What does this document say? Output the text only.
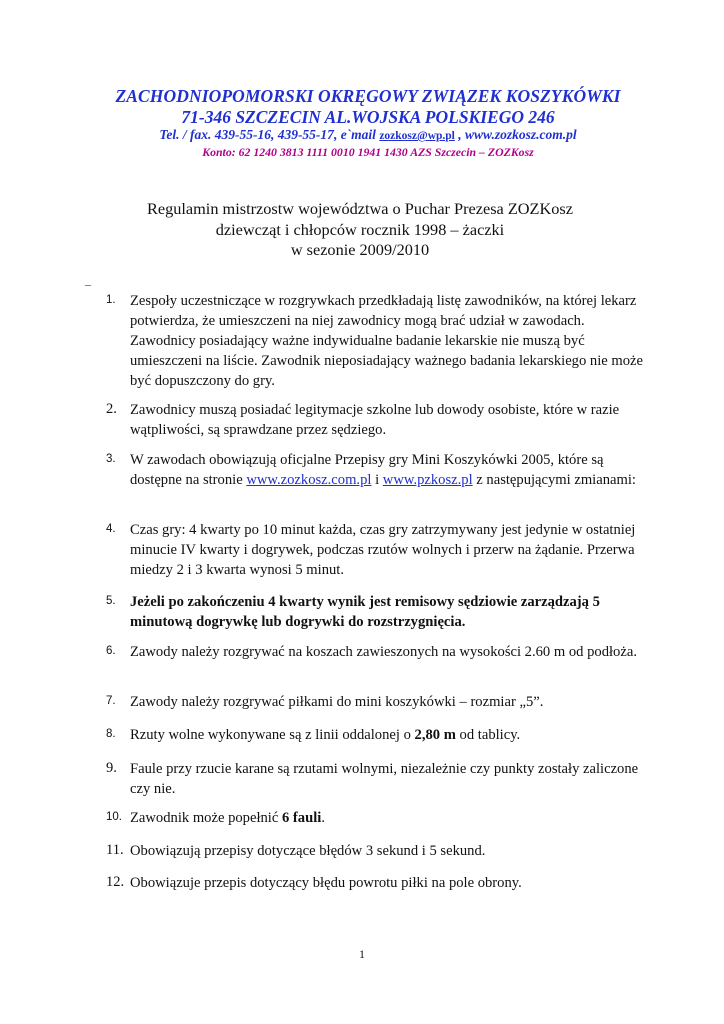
ZACHODNIOPOMORSKI OKRĘGOWY ZWIĄZEK KOSZYKÓWKI
71-346 SZCZECIN AL.WOJSKA POLSKIEGO 246
Tel. / fax. 439-55-16, 439-55-17, e`mail zozkosz@wp.pl , www.zozkosz.com.pl
Konto: 62 1240 3813 1111 0010 1941 1430 AZS Szczecin – ZOZKosz
Regulamin mistrzostw województwa o Puchar Prezesa ZOZKosz
dziewcząt i chłopców rocznik 1998 – żaczki
w sezonie 2009/2010
–
1. Zespoły uczestniczące w rozgrywkach przedkładają listę zawodników, na której lekarz potwierdza, że umieszczeni na niej zawodnicy mogą brać udział w zawodach. Zawodnicy posiadający ważne indywidualne badanie lekarskie nie muszą być umieszczeni na liście. Zawodnik nieposiadający ważnego badania lekarskiego nie może być dopuszczony do gry.
2. Zawodnicy muszą posiadać legitymacje szkolne lub dowody osobiste, które w razie wątpliwości, są sprawdzane przez sędziego.
3. W zawodach obowiązują oficjalne Przepisy gry Mini Koszykówki 2005, które są dostępne na stronie www.zozkosz.com.pl i www.pzkosz.pl z następującymi zmianami:
4. Czas gry: 4 kwarty po 10 minut każda, czas gry zatrzymywany jest jedynie w ostatniej minucie IV kwarty i dogrywek, podczas rzutów wolnych i przerw na żądanie. Przerwa miedzy 2 i 3 kwarta wynosi 5 minut.
5. Jeżeli po zakończeniu 4 kwarty wynik jest remisowy sędziowie zarządzają 5 minutową dogrywkę lub dogrywki do rozstrzygnięcia.
6. Zawody należy rozgrywać na koszach zawieszonych na wysokości 2.60 m od podłoża.
7. Zawody należy rozgrywać piłkami do mini koszykówki – rozmiar „5”.
8. Rzuty wolne wykonywane są z linii oddalonej o 2,80 m od tablicy.
9. Faule przy rzucie karane są rzutami wolnymi, niezależnie czy punkty zostały zaliczone czy nie.
10. Zawodnik może popełnić 6 fauli.
11. Obowiązują przepisy dotyczące błędów 3 sekund i 5 sekund.
12. Obowiązuje przepis dotyczący błędu powrotu piłki na pole obrony.
1
